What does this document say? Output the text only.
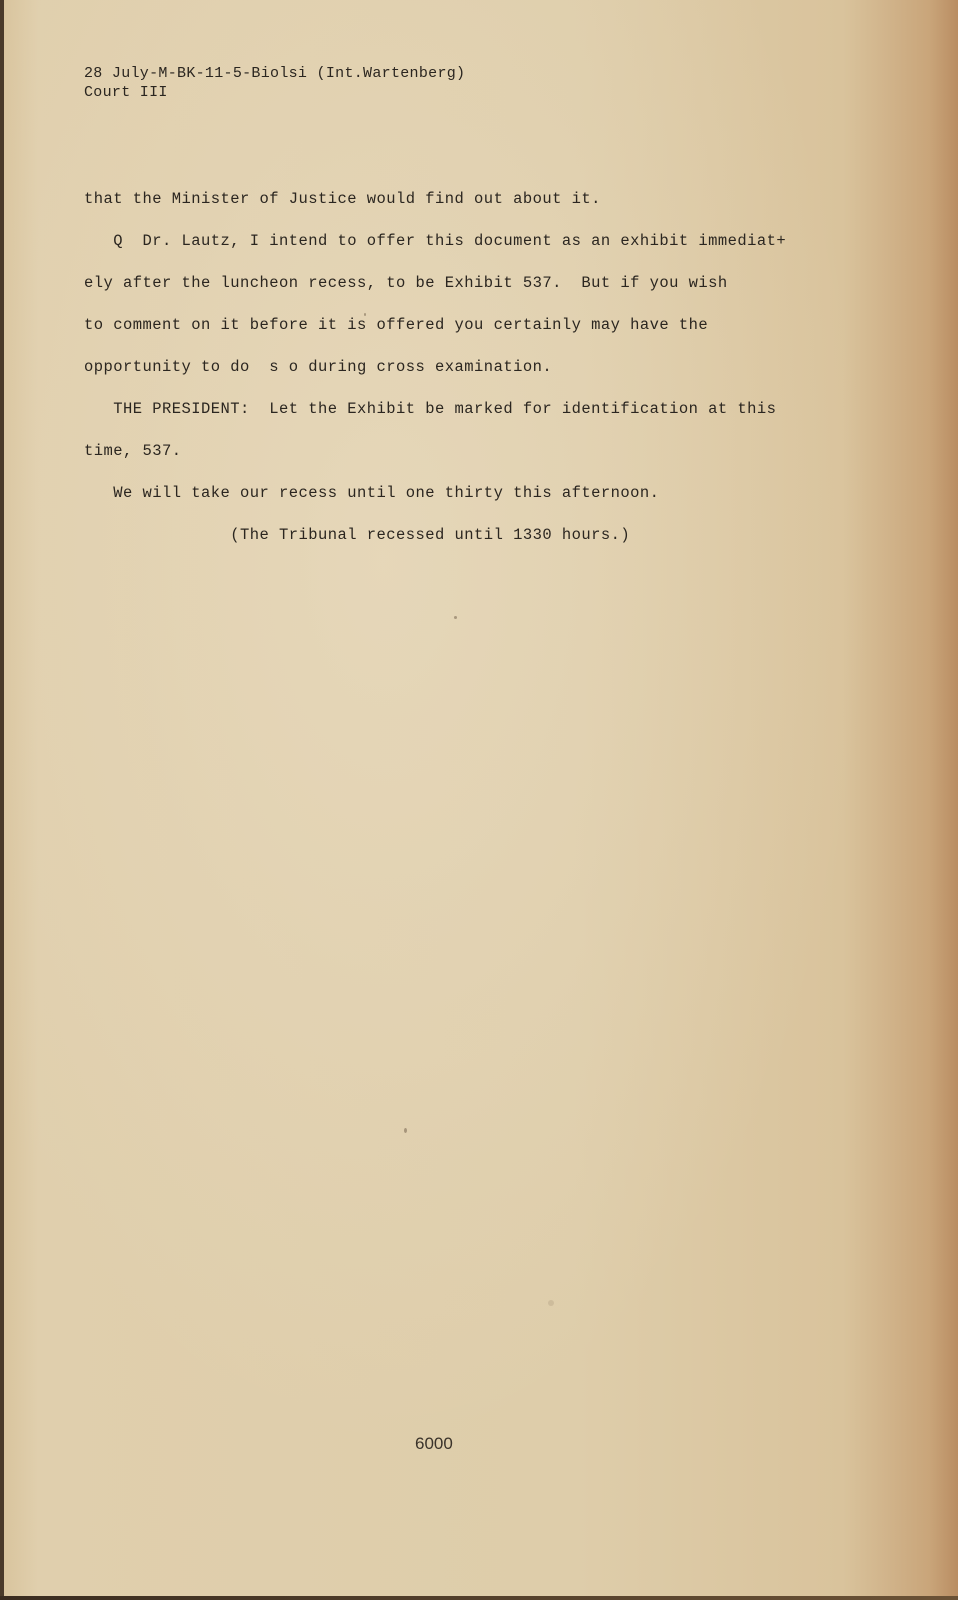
28 July-M-BK-11-5-Biolsi (Int.Wartenberg)
Court III
that the Minister of Justice would find out about it.
Q  Dr. Lautz, I intend to offer this document as an exhibit immediat+
ely after the luncheon recess, to be Exhibit 537.  But if you wish
to comment on it before it is offered you certainly may have the
opportunity to do  s o during cross examination.
THE PRESIDENT:  Let the Exhibit be marked for identification at this
time, 537.
We will take our recess until one thirty this afternoon.
(The Tribunal recessed until 1330 hours.)
6000
